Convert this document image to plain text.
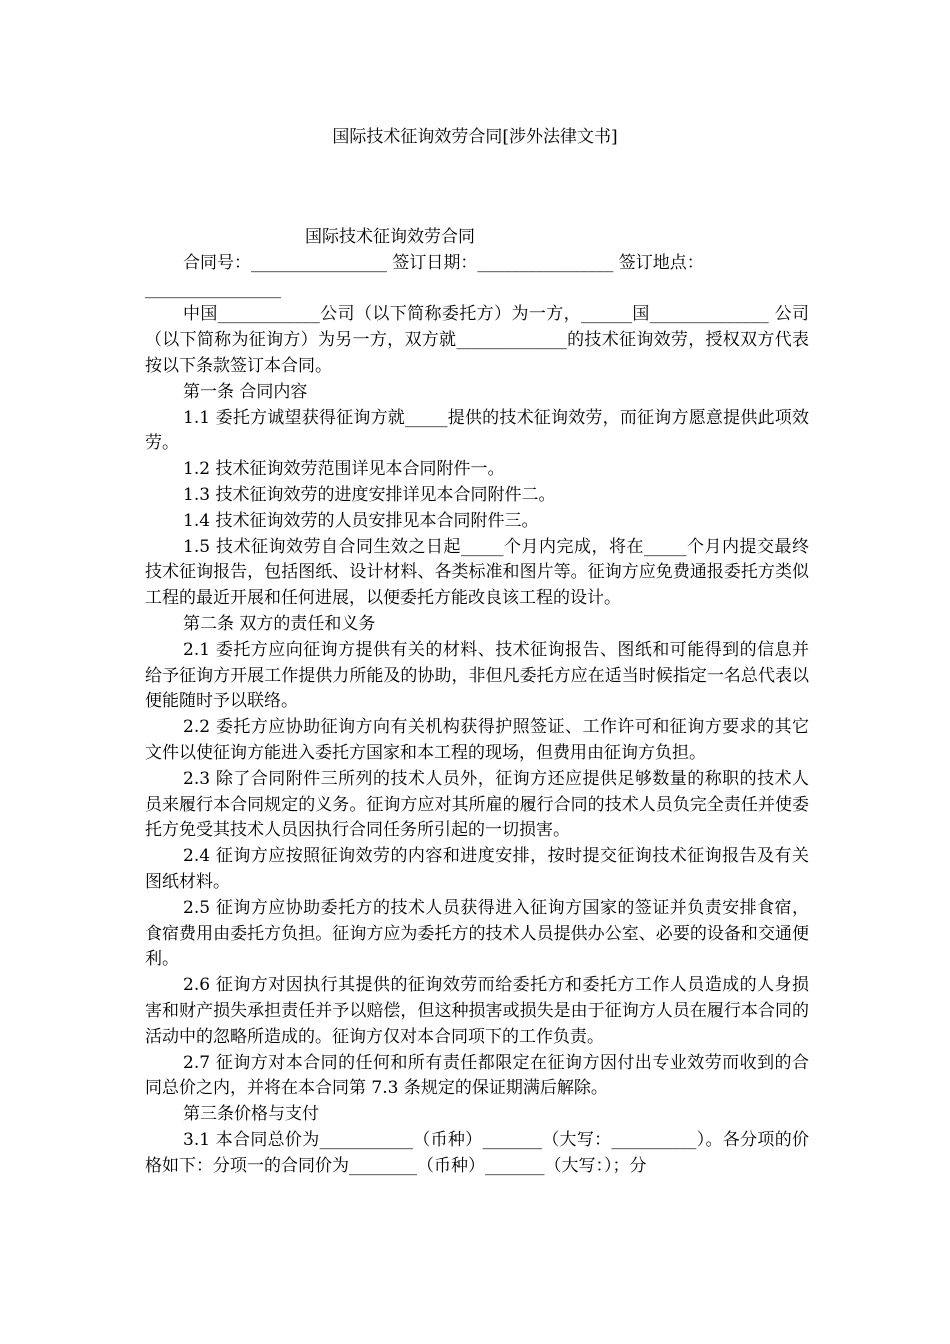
国际技术征询效劳合同[涉外法律文书]

国际技术征询效劳合同

合同号：________________ 签订日期：________________ 签订地点：

________________

中国____________公司（以下简称委托方）为一方，______国______________ 公司（以下简称为征询方）为另一方，双方就_____________的技术征询效劳，授权双方代表按以下条款签订本合同。

第一条 合同内容

1.1 委托方诚望获得征询方就_____提供的技术征询效劳，而征询方愿意提供此项效劳。

1.2 技术征询效劳范围详见本合同附件一。

1.3 技术征询效劳的进度安排详见本合同附件二。

1.4 技术征询效劳的人员安排见本合同附件三。

1.5 技术征询效劳自合同生效之日起_____个月内完成，将在_____个月内提交最终技术征询报告，包括图纸、设计材料、各类标准和图片等。征询方应免费通报委托方类似工程的最近开展和任何进展，以便委托方能改良该工程的设计。

第二条 双方的责任和义务

2.1 委托方应向征询方提供有关的材料、技术征询报告、图纸和可能得到的信息并给予征询方开展工作提供力所能及的协助，非但凡委托方应在适当时候指定一名总代表以便能随时予以联络。

2.2 委托方应协助征询方向有关机构获得护照签证、工作许可和征询方要求的其它文件以使征询方能进入委托方国家和本工程的现场，但费用由征询方负担。

2.3 除了合同附件三所列的技术人员外，征询方还应提供足够数量的称职的技术人员来履行本合同规定的义务。征询方应对其所雇的履行合同的技术人员负完全责任并使委托方免受其技术人员因执行合同任务所引起的一切损害。

2.4 征询方应按照征询效劳的内容和进度安排，按时提交征询技术征询报告及有关图纸材料。

2.5 征询方应协助委托方的技术人员获得进入征询方国家的签证并负责安排食宿，食宿费用由委托方负担。征询方应为委托方的技术人员提供办公室、必要的设备和交通便利。

2.6 征询方对因执行其提供的征询效劳而给委托方和委托方工作人员造成的人身损害和财产损失承担责任并予以赔偿，但这种损害或损失是由于征询方人员在履行本合同的活动中的忽略所造成的。征询方仅对本合同项下的工作负责。

2.7 征询方对本合同的任何和所有责任都限定在征询方因付出专业效劳而收到的合同总价之内，并将在本合同第 7.3 条规定的保证期满后解除。

第三条价格与支付

3.1 本合同总价为___________（币种）_______（大写：__________）。各分项的价格如下：分项一的合同价为________（币种）_______（大写：）；分
